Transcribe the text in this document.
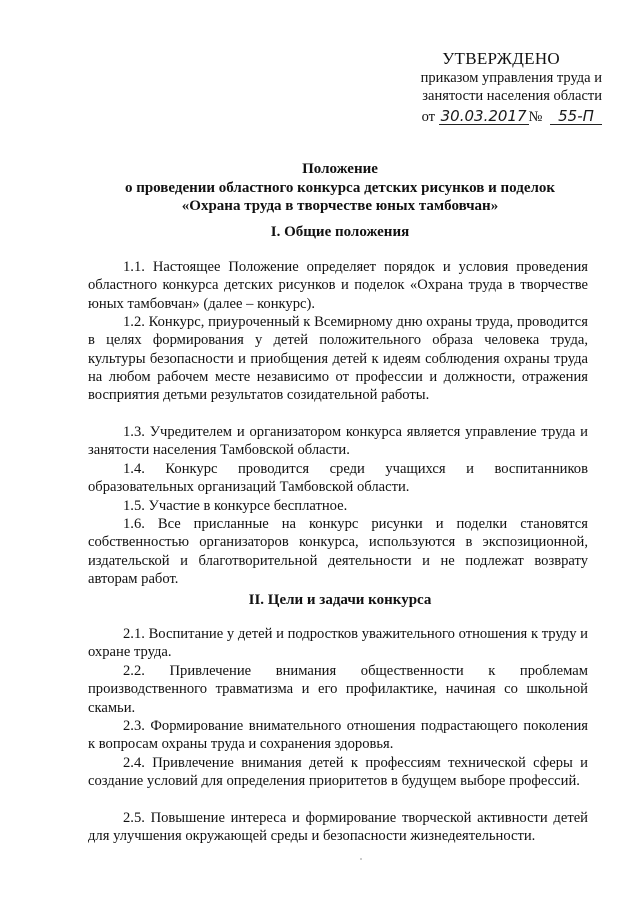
УТВЕРЖДЕНО
приказом управления труда и
занятости населения области
от 30.03.2017 № 55-П
Положение
о проведении областного конкурса детских рисунков и поделок
«Охрана труда в творчестве юных тамбовчан»
I. Общие положения
1.1. Настоящее Положение определяет порядок и условия проведения областного конкурса детских рисунков и поделок «Охрана труда в творчестве юных тамбовчан» (далее – конкурс).
1.2. Конкурс, приуроченный к Всемирному дню охраны труда, проводится в целях формирования у детей положительного образа человека труда, культуры безопасности и приобщения детей к идеям соблюдения охраны труда на любом рабочем месте независимо от профессии и должности, отражения восприятия детьми результатов созидательной работы.
1.3. Учредителем и организатором конкурса является управление труда и занятости населения Тамбовской области.
1.4. Конкурс проводится среди учащихся и воспитанников образовательных организаций Тамбовской области.
1.5. Участие в конкурсе бесплатное.
1.6. Все присланные на конкурс рисунки и поделки становятся собственностью организаторов конкурса, используются в экспозиционной, издательской и благотворительной деятельности и не подлежат возврату авторам работ.
II. Цели и задачи конкурса
2.1. Воспитание у детей и подростков уважительного отношения к труду и охране труда.
2.2. Привлечение внимания общественности к проблемам производственного травматизма и его профилактике, начиная со школьной скамьи.
2.3. Формирование внимательного отношения подрастающего поколения к вопросам охраны труда и сохранения здоровья.
2.4. Привлечение внимания детей к профессиям технической сферы и создание условий для определения приоритетов в будущем выборе профессий.
2.5. Повышение интереса и формирование творческой активности детей для улучшения окружающей среды и безопасности жизнедеятельности.
